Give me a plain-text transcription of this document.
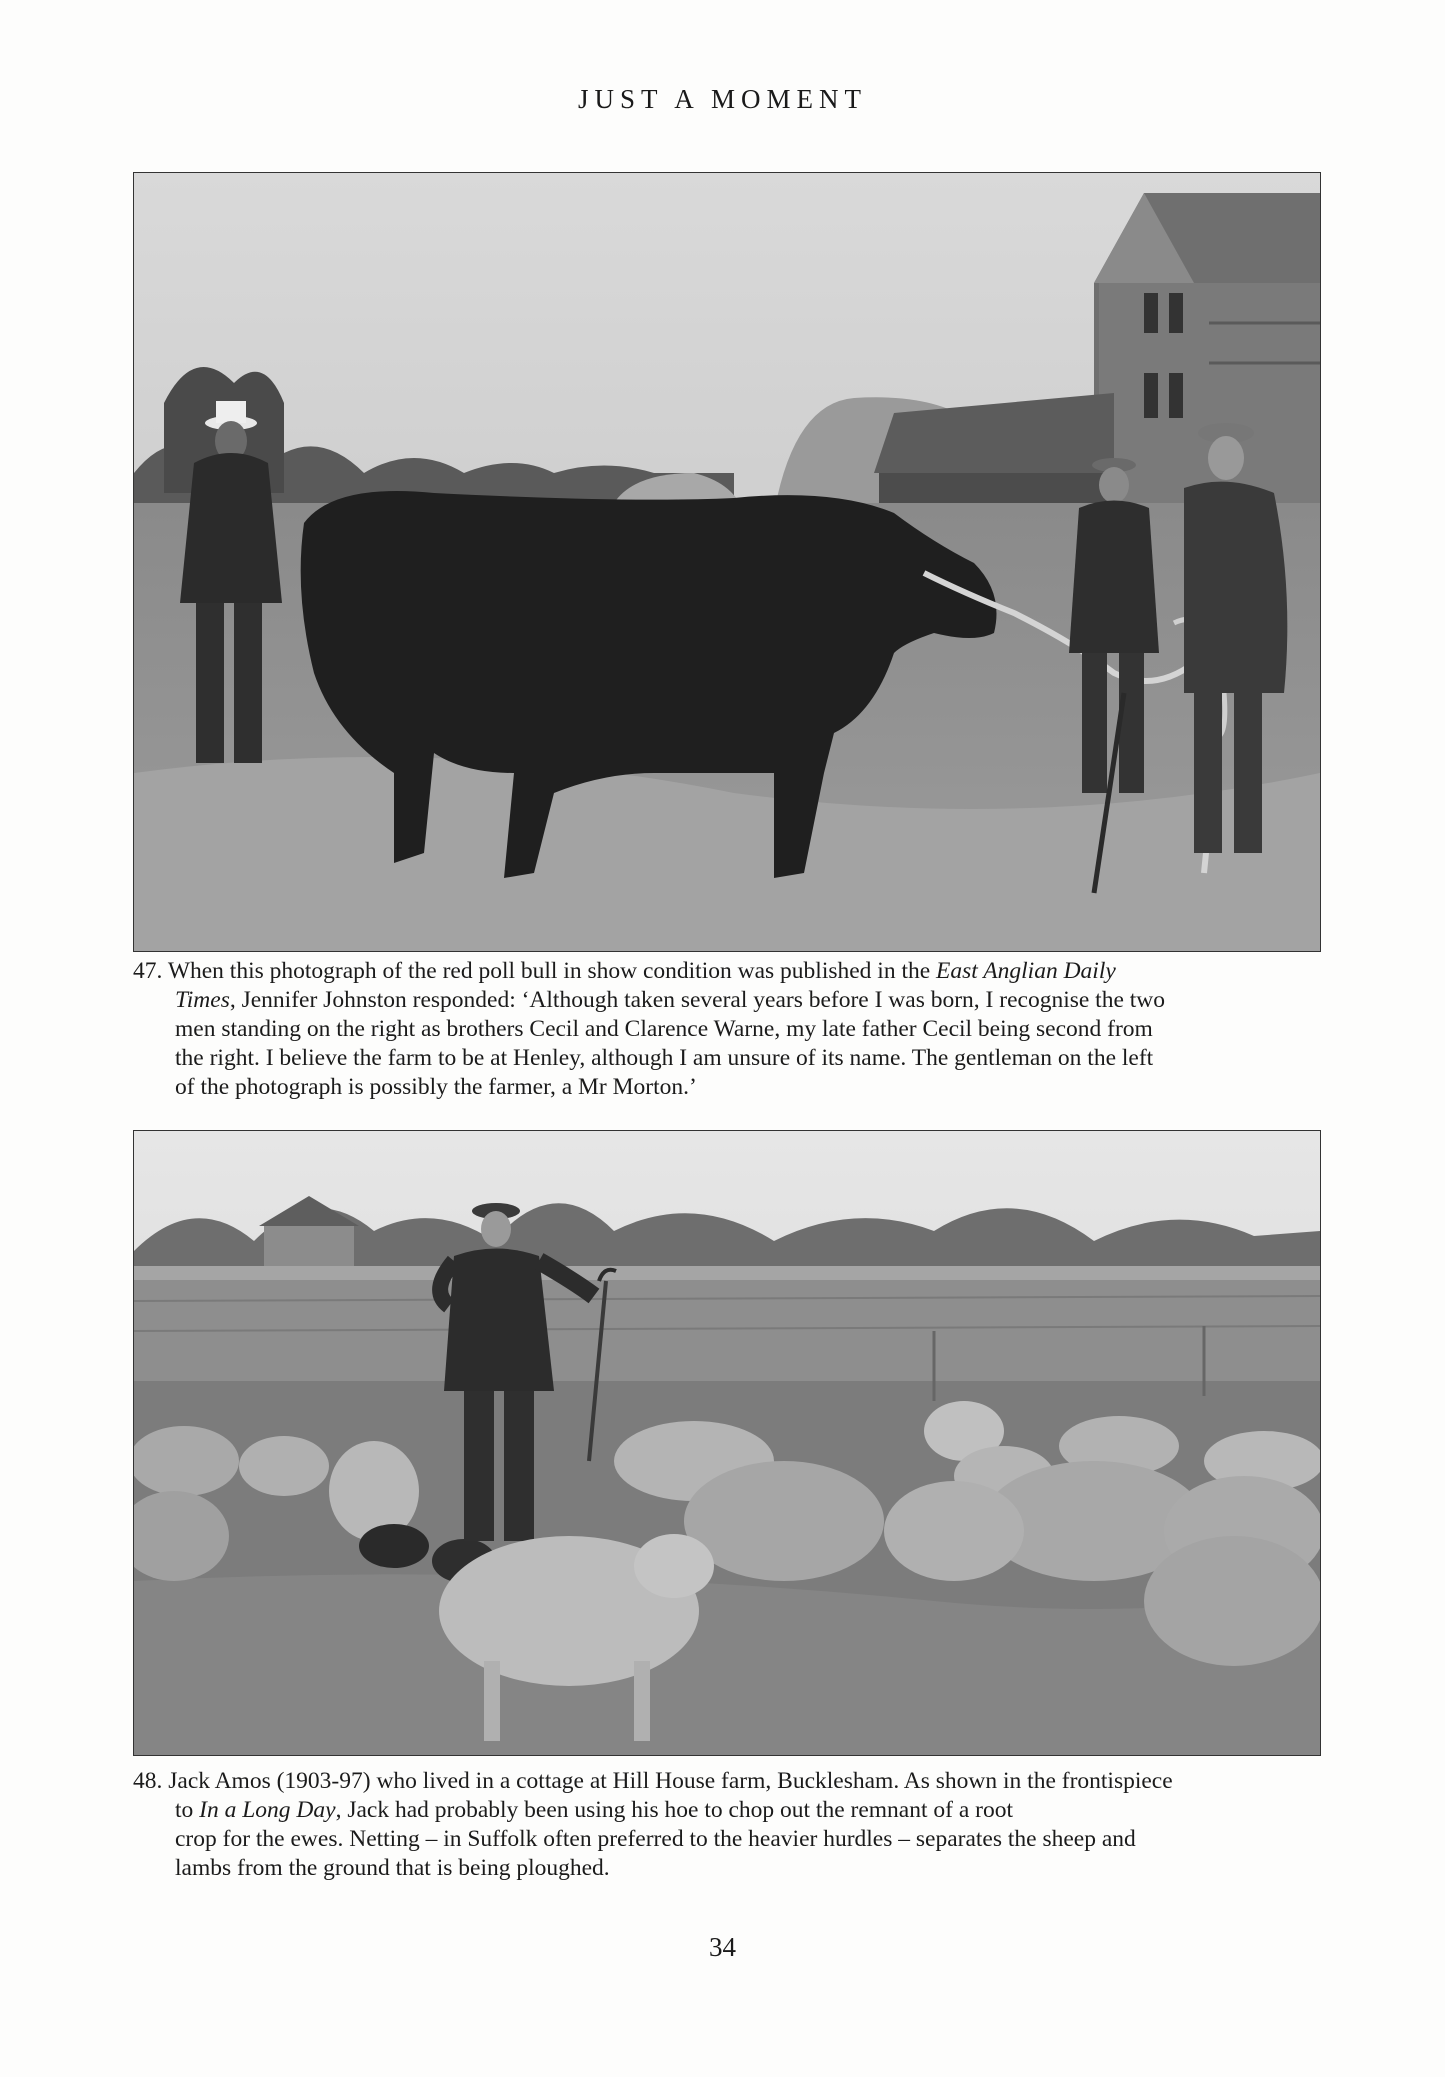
JUST A MOMENT
47. When this photograph of the red poll bull in show condition was published in the East Anglian Daily
Times, Jennifer Johnston responded: ‘Although taken several years before I was born, I recognise the two
men standing on the right as brothers Cecil and Clarence Warne, my late father Cecil being second from
the right. I believe the farm to be at Henley, although I am unsure of its name. The gentleman on the left
of the photograph is possibly the farmer, a Mr Morton.’
48. Jack Amos (1903-97) who lived in a cottage at Hill House farm, Bucklesham. As shown in the frontispiece
to In a Long Day, Jack had probably been using his hoe to chop out the remnant of a root
crop for the ewes. Netting – in Suffolk often preferred to the heavier hurdles – separates the sheep and
lambs from the ground that is being ploughed.
34
